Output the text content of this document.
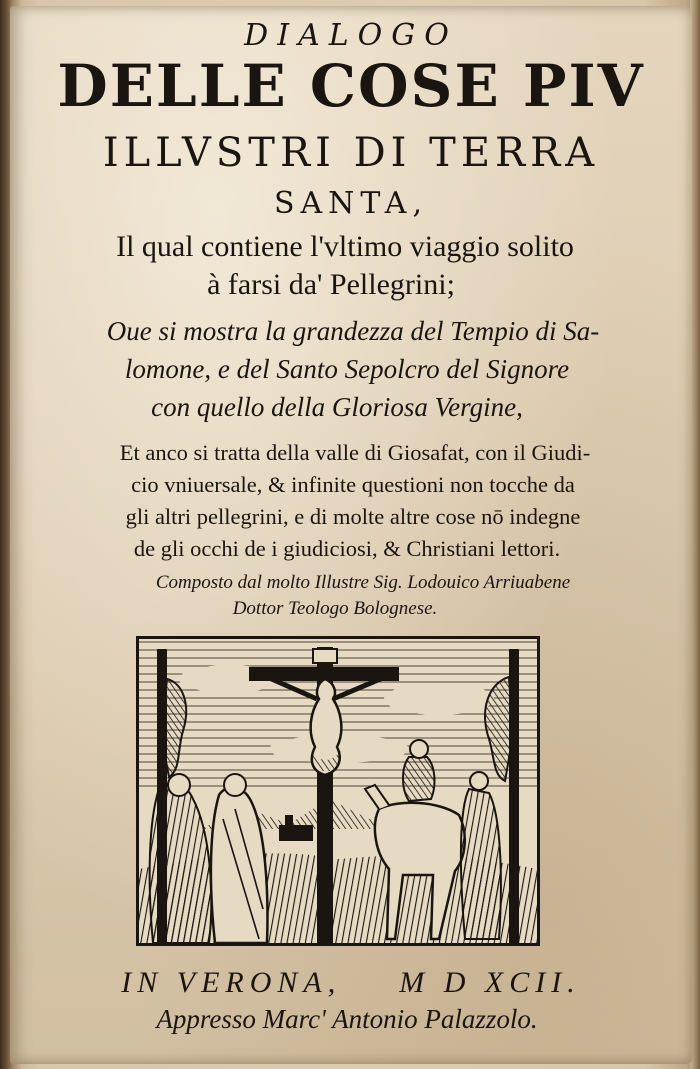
DIALOGO
DELLE COSE PIV
ILLVSTRI DI TERRA
SANTA,
Il qual contiene l'vltimo viaggio solito
à farsi da' Pellegrini;
Oue si mostra la grandezza del Tempio di Sa-
lomone, e del Santo Sepolcro del Signore
con quello della Gloriosa Vergine,
Et anco si tratta della valle di Giosafat, con il Giudi-
cio vniuersale, & infinite questioni non tocche da
gli altri pellegrini, e di molte altre cose nō indegne
de gli occhi de i giudiciosi, & Christiani lettori.
Composto dal molto Illustre Sig. Lodouico Arriuabene
Dottor Teologo Bolognese.
IN VERONA, M D XCII.
Appresso Marc' Antonio Palazzolo.
